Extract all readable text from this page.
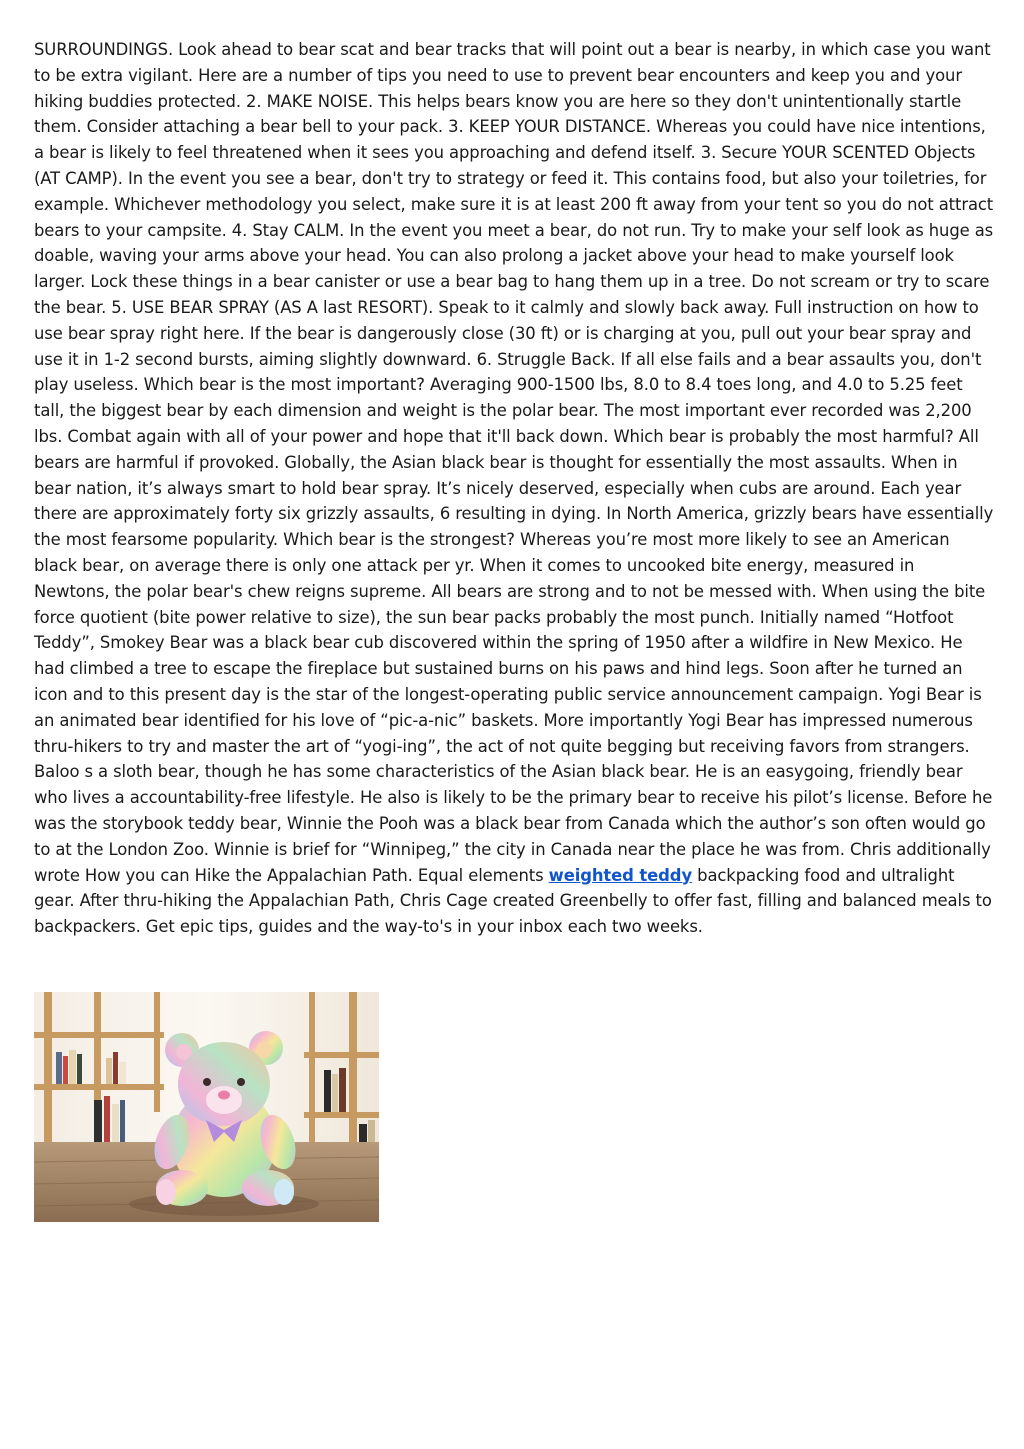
SURROUNDINGS. Look ahead to bear scat and bear tracks that will point out a bear is nearby, in which case you want to be extra vigilant. Here are a number of tips you need to use to prevent bear encounters and keep you and your hiking buddies protected. 2. MAKE NOISE. This helps bears know you are here so they don't unintentionally startle them. Consider attaching a bear bell to your pack. 3. KEEP YOUR DISTANCE. Whereas you could have nice intentions, a bear is likely to feel threatened when it sees you approaching and defend itself. 3. Secure YOUR SCENTED Objects (AT CAMP). In the event you see a bear, don't try to strategy or feed it. This contains food, but also your toiletries, for example. Whichever methodology you select, make sure it is at least 200 ft away from your tent so you do not attract bears to your campsite. 4. Stay CALM. In the event you meet a bear, do not run. Try to make your self look as huge as doable, waving your arms above your head. You can also prolong a jacket above your head to make yourself look larger. Lock these things in a bear canister or use a bear bag to hang them up in a tree. Do not scream or try to scare the bear. 5. USE BEAR SPRAY (AS A last RESORT). Speak to it calmly and slowly back away. Full instruction on how to use bear spray right here. If the bear is dangerously close (30 ft) or is charging at you, pull out your bear spray and use it in 1-2 second bursts, aiming slightly downward. 6. Struggle Back. If all else fails and a bear assaults you, don't play useless. Which bear is the most important? Averaging 900-1500 lbs, 8.0 to 8.4 toes long, and 4.0 to 5.25 feet tall, the biggest bear by each dimension and weight is the polar bear. The most important ever recorded was 2,200 lbs. Combat again with all of your power and hope that it'll back down. Which bear is probably the most harmful? All bears are harmful if provoked. Globally, the Asian black bear is thought for essentially the most assaults. When in bear nation, it’s always smart to hold bear spray. It’s nicely deserved, especially when cubs are around. Each year there are approximately forty six grizzly assaults, 6 resulting in dying. In North America, grizzly bears have essentially the most fearsome popularity. Which bear is the strongest? Whereas you’re most more likely to see an American black bear, on average there is only one attack per yr. When it comes to uncooked bite energy, measured in Newtons, the polar bear's chew reigns supreme. All bears are strong and to not be messed with. When using the bite force quotient (bite power relative to size), the sun bear packs probably the most punch. Initially named “Hotfoot Teddy”, Smokey Bear was a black bear cub discovered within the spring of 1950 after a wildfire in New Mexico. He had climbed a tree to escape the fireplace but sustained burns on his paws and hind legs. Soon after he turned an icon and to this present day is the star of the longest-operating public service announcement campaign. Yogi Bear is an animated bear identified for his love of “pic-a-nic” baskets. More importantly Yogi Bear has impressed numerous thru-hikers to try and master the art of “yogi-ing”, the act of not quite begging but receiving favors from strangers. Baloo s a sloth bear, though he has some characteristics of the Asian black bear. He is an easygoing, friendly bear who lives a accountability-free lifestyle. He also is likely to be the primary bear to receive his pilot’s license. Before he was the storybook teddy bear, Winnie the Pooh was a black bear from Canada which the author’s son often would go to at the London Zoo. Winnie is brief for “Winnipeg,” the city in Canada near the place he was from. Chris additionally wrote How you can Hike the Appalachian Path. Equal elements weighted teddy backpacking food and ultralight gear. After thru-hiking the Appalachian Path, Chris Cage created Greenbelly to offer fast, filling and balanced meals to backpackers. Get epic tips, guides and the way-to's in your inbox each two weeks.
